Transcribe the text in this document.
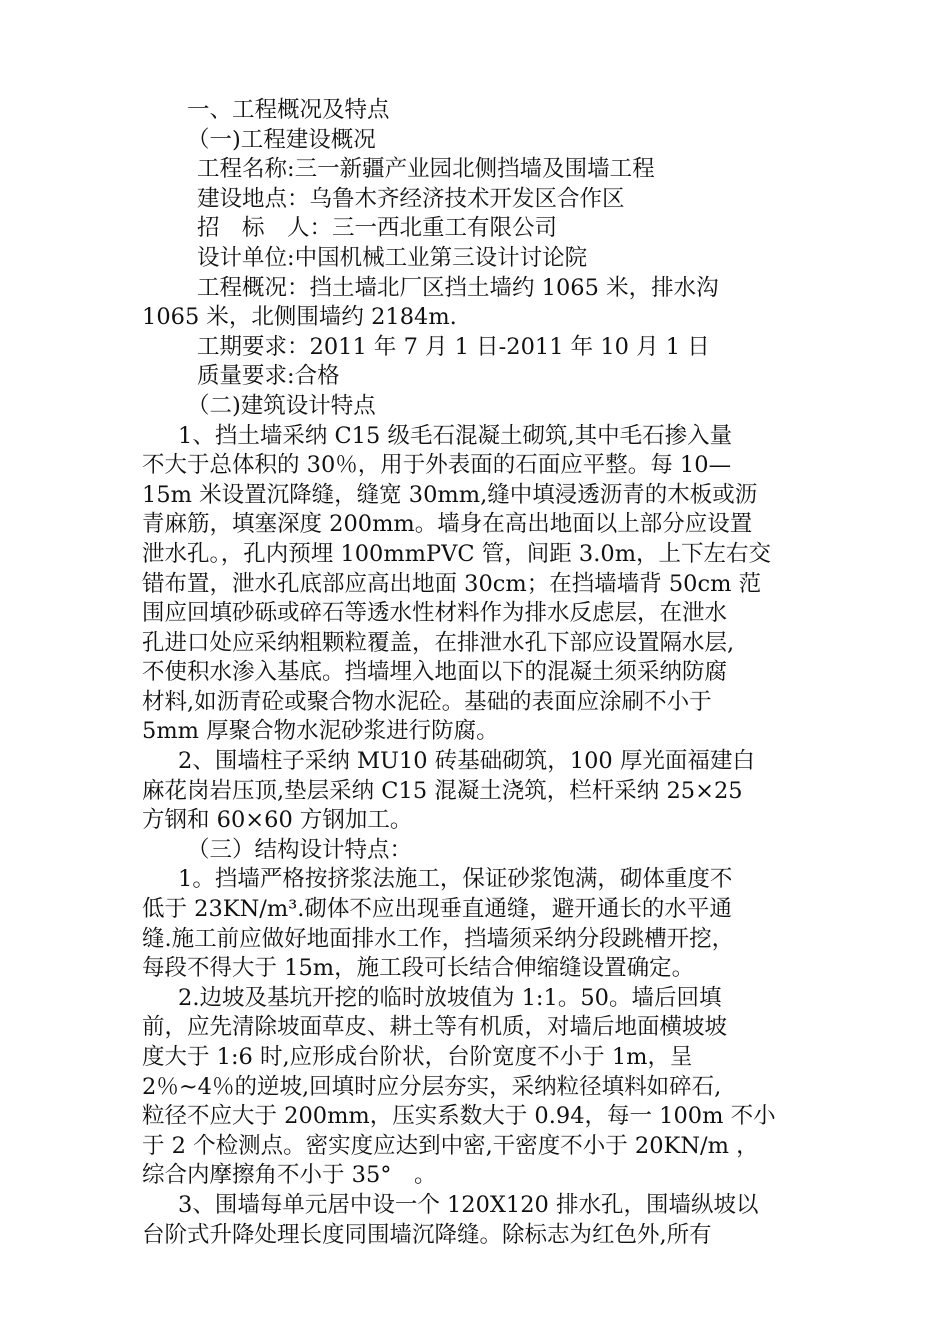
一、工程概况及特点
（一)工程建设概况
工程名称:三一新疆产业园北侧挡墙及围墙工程
建设地点：乌鲁木齐经济技术开发区合作区
招　标　人：三一西北重工有限公司
设计单位:中国机械工业第三设计讨论院
工程概况：挡土墙北厂区挡土墙约 1065 米，排水沟
1065 米，北侧围墙约 2184m.
工期要求：2011 年 7 月 1 日-2011 年 10 月 1 日
质量要求:合格
（二)建筑设计特点
1、挡土墙采纳 C15 级毛石混凝土砌筑,其中毛石掺入量
不大于总体积的 30％，用于外表面的石面应平整。每 10—
15m 米设置沉降缝，缝宽 30mm,缝中填浸透沥青的木板或沥
青麻筋，填塞深度 200mm。墙身在高出地面以上部分应设置
泄水孔。，孔内预埋 100mmPVC 管，间距 3.0m，上下左右交
错布置，泄水孔底部应高出地面 30cm；在挡墙墙背 50cm 范
围应回填砂砾或碎石等透水性材料作为排水反虑层，在泄水
孔进口处应采纳粗颗粒覆盖，在排泄水孔下部应设置隔水层,
不使积水渗入基底。挡墙埋入地面以下的混凝土须采纳防腐
材料,如沥青砼或聚合物水泥砼。基础的表面应涂刷不小于
5mm 厚聚合物水泥砂浆进行防腐。
2、围墙柱子采纳 MU10 砖基础砌筑，100 厚光面福建白
麻花岗岩压顶,垫层采纳 C15 混凝土浇筑，栏杆采纳 25×25
方钢和 60×60 方钢加工。
（三）结构设计特点：
1。挡墙严格按挤浆法施工，保证砂浆饱满，砌体重度不
低于 23KN/m³.砌体不应出现垂直通缝，避开通长的水平通
缝.施工前应做好地面排水工作，挡墙须采纳分段跳槽开挖，
每段不得大于 15m，施工段可长结合伸缩缝设置确定。
2.边坡及基坑开挖的临时放坡值为 1:1。50。墙后回填
前，应先清除坡面草皮、耕土等有机质，对墙后地面横坡坡
度大于 1:6 时,应形成台阶状，台阶宽度不小于 1m，呈
2％~4％的逆坡,回填时应分层夯实，采纳粒径填料如碎石,
粒径不应大于 200mm，压实系数大于 0.94，每一 100m 不小
于 2 个检测点。密实度应达到中密,干密度不小于 20KN/m ，
综合内摩擦角不小于 35°　。
3、围墙每单元居中设一个 120X120 排水孔，围墙纵坡以
台阶式升降处理长度同围墙沉降缝。除标志为红色外,所有
